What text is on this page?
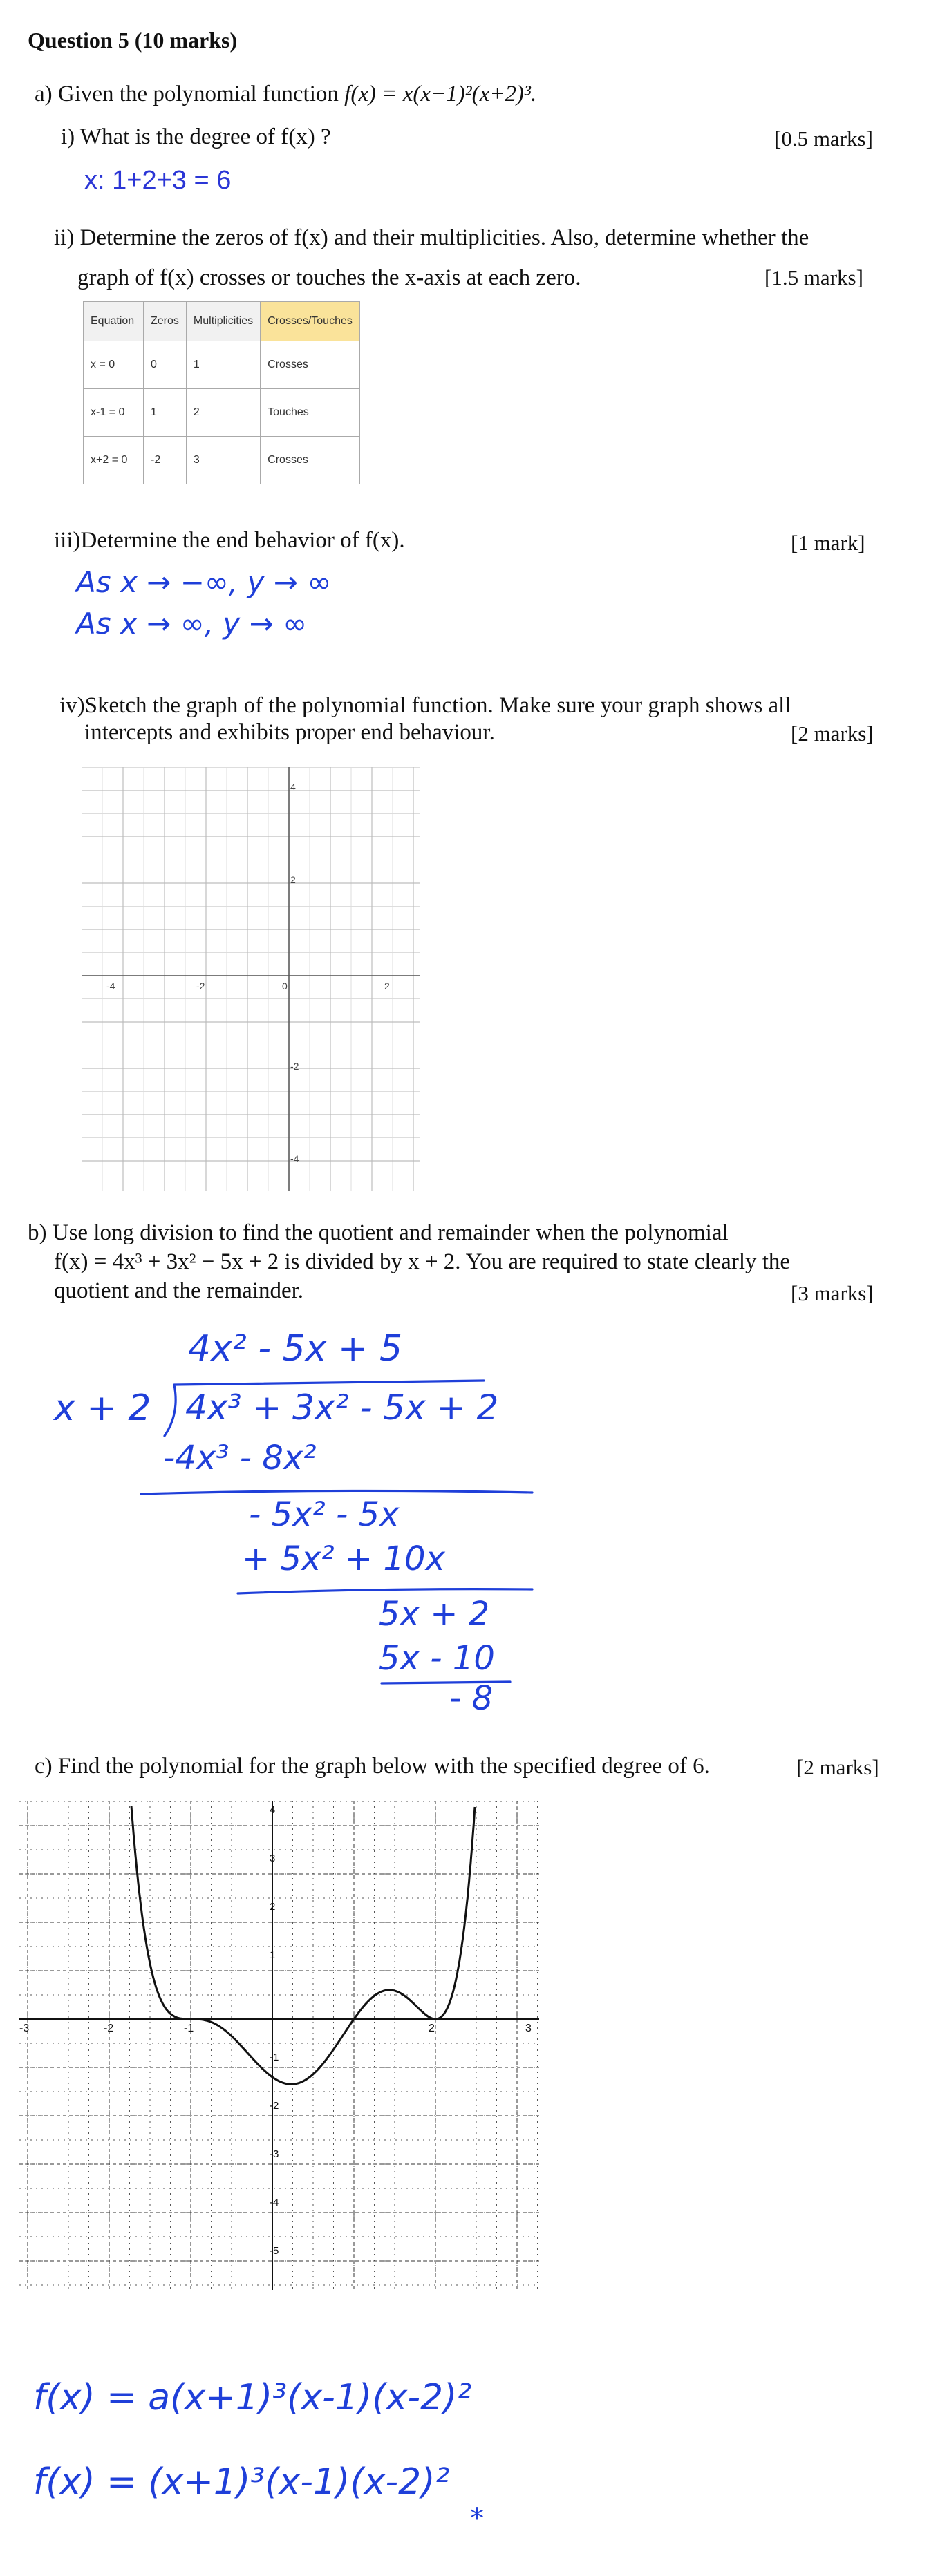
Question 5 (10 marks)
a) Given the polynomial function f(x) = x(x−1)²(x+2)³.
i) What is the degree of f(x) ?	[0.5 marks]
x: 1+2+3 = 6
ii) Determine the zeros of f(x) and their multiplicities. Also, determine whether the
graph of f(x) crosses or touches the x-axis at each zero.	[1.5 marks]
Equation	Zeros	Multiplicities	Crosses/Touches
x = 0	0	1	Crosses
x-1 = 0	1	2	Touches
x+2 = 0	-2	3	Crosses
iii)Determine the end behavior of f(x).	[1 mark]
As x → −∞, y → ∞
As x → ∞, y → ∞
iv)Sketch the graph of the polynomial function. Make sure your graph shows all
intercepts and exhibits proper end behaviour.	[2 marks]
-4	-2	0	2
4
2
-2
-4
b) Use long division to find the quotient and remainder when the polynomial
f(x) = 4x³ + 3x² − 5x + 2 is divided by x + 2. You are required to state clearly the
quotient and the remainder.	[3 marks]
4x² - 5x + 5
x + 2 4x³ + 3x² - 5x + 2
-4x³ - 8x²
- 5x² - 5x
+ 5x² + 10x
5x + 2
5x - 10
- 8
c) Find the polynomial for the graph below with the specified degree of 6.	[2 marks]
-3	-2	-1	2	3
4
3
2
1
-1
-2
-3
-4
-5
f(x) = a(x+1)³(x-1)(x-2)²
f(x) = (x+1)³(x-1)(x-2)²
*
